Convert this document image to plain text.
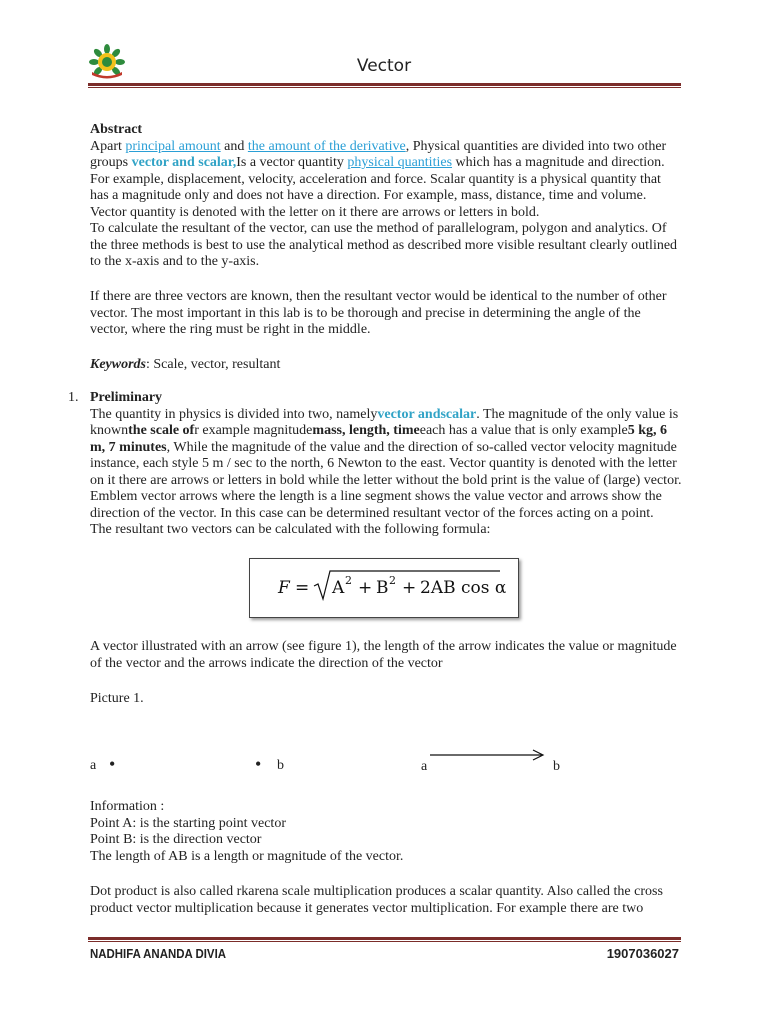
Vector
Abstract
Apart principal amount and the amount of the derivative, Physical quantities are divided into two other groups vector and scalar,Is a vector quantity physical quantities which has a magnitude and direction. For example, displacement, velocity, acceleration and force. Scalar quantity is a physical quantity that has a magnitude only and does not have a direction. For example, mass, distance, time and volume. Vector quantity is denoted with the letter on it there are arrows or letters in bold.
To calculate the resultant of the vector, can use the method of parallelogram, polygon and analytics. Of the three methods is best to use the analytical method as described more visible resultant clearly outlined to the x-axis and to the y-axis.

If there are three vectors are known, then the resultant vector would be identical to the number of other vector. The most important in this lab is to be thorough and precise in determining the angle of the vector, where the ring must be right in the middle.

Keywords: Scale, vector, resultant
1. Preliminary
The quantity in physics is divided into two, namelyvector andscalar. The magnitude of the only value is knownthe scale ofr example magnitudemass, length, timeeach has a value that is only example5 kg, 6 m, 7 minutes, While the magnitude of the value and the direction of so-called vector velocity magnitude instance, each style 5 m / sec to the north, 6 Newton to the east. Vector quantity is denoted with the letter on it there are arrows or letters in bold while the letter without the bold print is the value of (large) vector. Emblem vector arrows where the length is a line segment shows the value vector and arrows show the direction of the vector. In this case can be determined resultant vector of the forces acting on a point.
The resultant two vectors can be calculated with the following formula:
F = A 2 + B 2 + 2AB cos α

A vector illustrated with an arrow (see figure 1), the length of the arrow indicates the value or magnitude of the vector and the arrows indicate the direction of the vector

Picture 1.
a •	• b	a	b
Information :
Point A: is the starting point vector
Point B: is the direction vector
The length of AB is a length or magnitude of the vector.

Dot product is also called rkarena scale multiplication produces a scalar quantity. Also called the cross product vector multiplication because it generates vector multiplication. For example there are two

NADHIFA ANANDA DIVIA	1907036027
